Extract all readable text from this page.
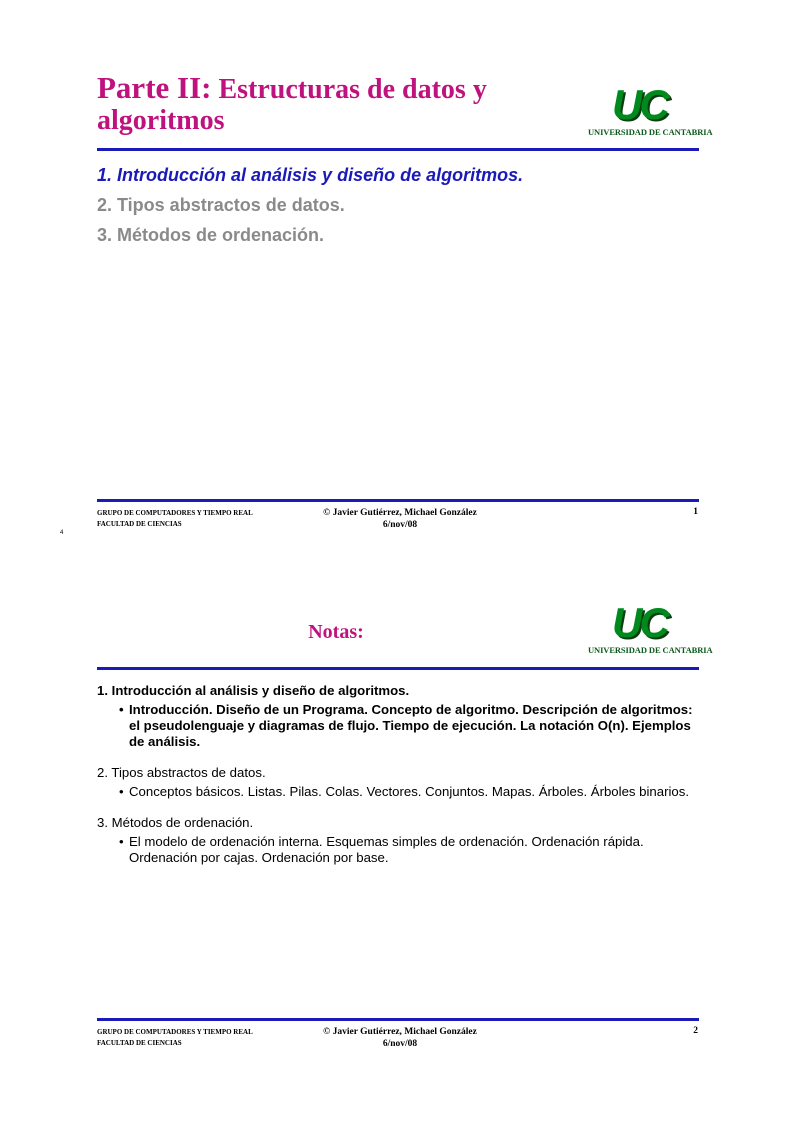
Parte II: Estructuras de datos y algoritmos	UC
UNIVERSIDAD DE CANTABRIA
1. Introducción al análisis y diseño de algoritmos.
2. Tipos abstractos de datos.
3. Métodos de ordenación.
GRUPO DE COMPUTADORES Y TIEMPO REAL
FACULTAD DE CIENCIAS
© Javier Gutiérrez, Michael González
6/nov/08
1
4
Notas:	UC
UNIVERSIDAD DE CANTABRIA
1. Introducción al análisis y diseño de algoritmos.
• Introducción. Diseño de un Programa. Concepto de algoritmo. Descripción de algoritmos: el pseudolenguaje y diagramas de flujo. Tiempo de ejecución. La notación O(n). Ejemplos de análisis.
2. Tipos abstractos de datos.
• Conceptos básicos. Listas. Pilas. Colas. Vectores. Conjuntos. Mapas. Árboles. Árboles binarios.
3. Métodos de ordenación.
• El modelo de ordenación interna. Esquemas simples de ordenación. Ordenación rápida. Ordenación por cajas. Ordenación por base.
GRUPO DE COMPUTADORES Y TIEMPO REAL
FACULTAD DE CIENCIAS
© Javier Gutiérrez, Michael González
6/nov/08
2
